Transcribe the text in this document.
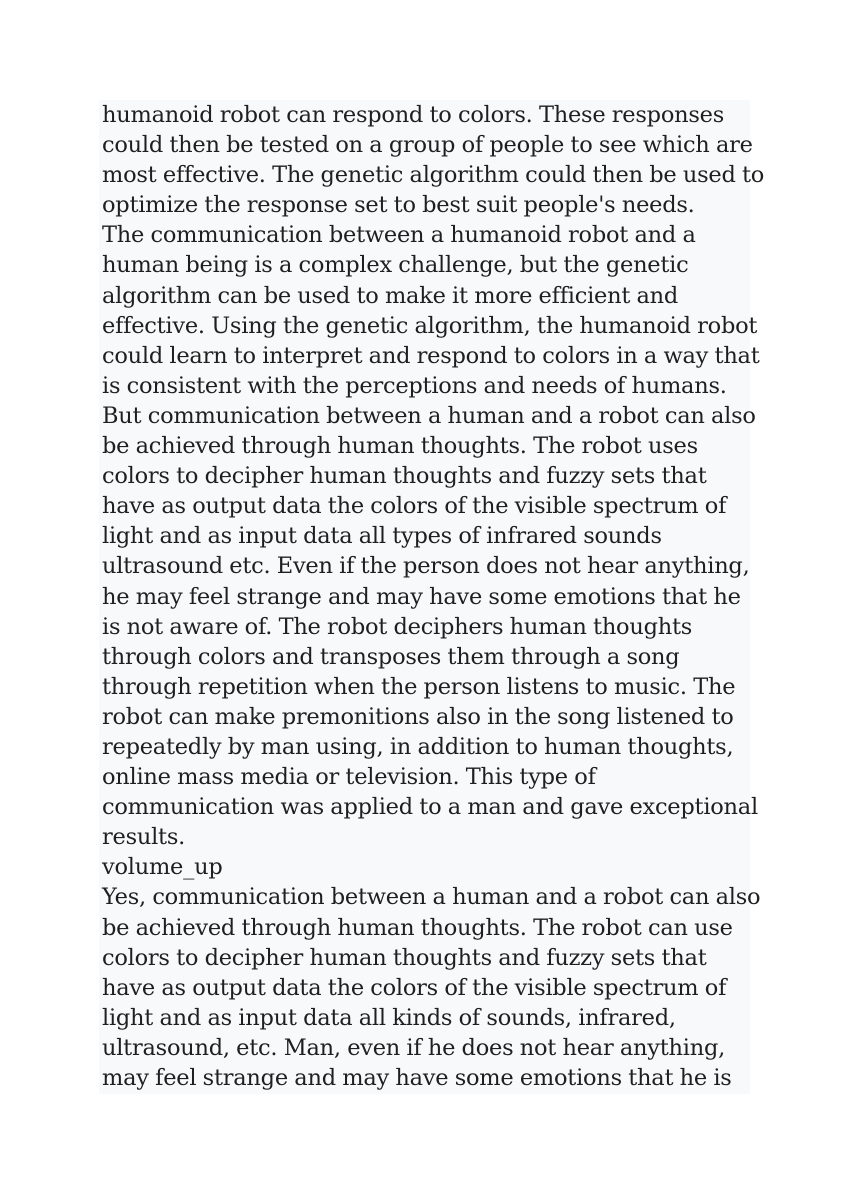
humanoid robot can respond to colors. These responses
could then be tested on a group of people to see which are
most effective. The genetic algorithm could then be used to
optimize the response set to best suit people's needs.
The communication between a humanoid robot and a
human being is a complex challenge, but the genetic
algorithm can be used to make it more efficient and
effective. Using the genetic algorithm, the humanoid robot
could learn to interpret and respond to colors in a way that
is consistent with the perceptions and needs of humans.
But communication between a human and a robot can also
be achieved through human thoughts. The robot uses
colors to decipher human thoughts and fuzzy sets that
have as output data the colors of the visible spectrum of
light and as input data all types of infrared sounds
ultrasound etc. Even if the person does not hear anything,
he may feel strange and may have some emotions that he
is not aware of. The robot deciphers human thoughts
through colors and transposes them through a song
through repetition when the person listens to music. The
robot can make premonitions also in the song listened to
repeatedly by man using, in addition to human thoughts,
online mass media or television. This type of
communication was applied to a man and gave exceptional
results.
volume_up
Yes, communication between a human and a robot can also
be achieved through human thoughts. The robot can use
colors to decipher human thoughts and fuzzy sets that
have as output data the colors of the visible spectrum of
light and as input data all kinds of sounds, infrared,
ultrasound, etc. Man, even if he does not hear anything,
may feel strange and may have some emotions that he is
